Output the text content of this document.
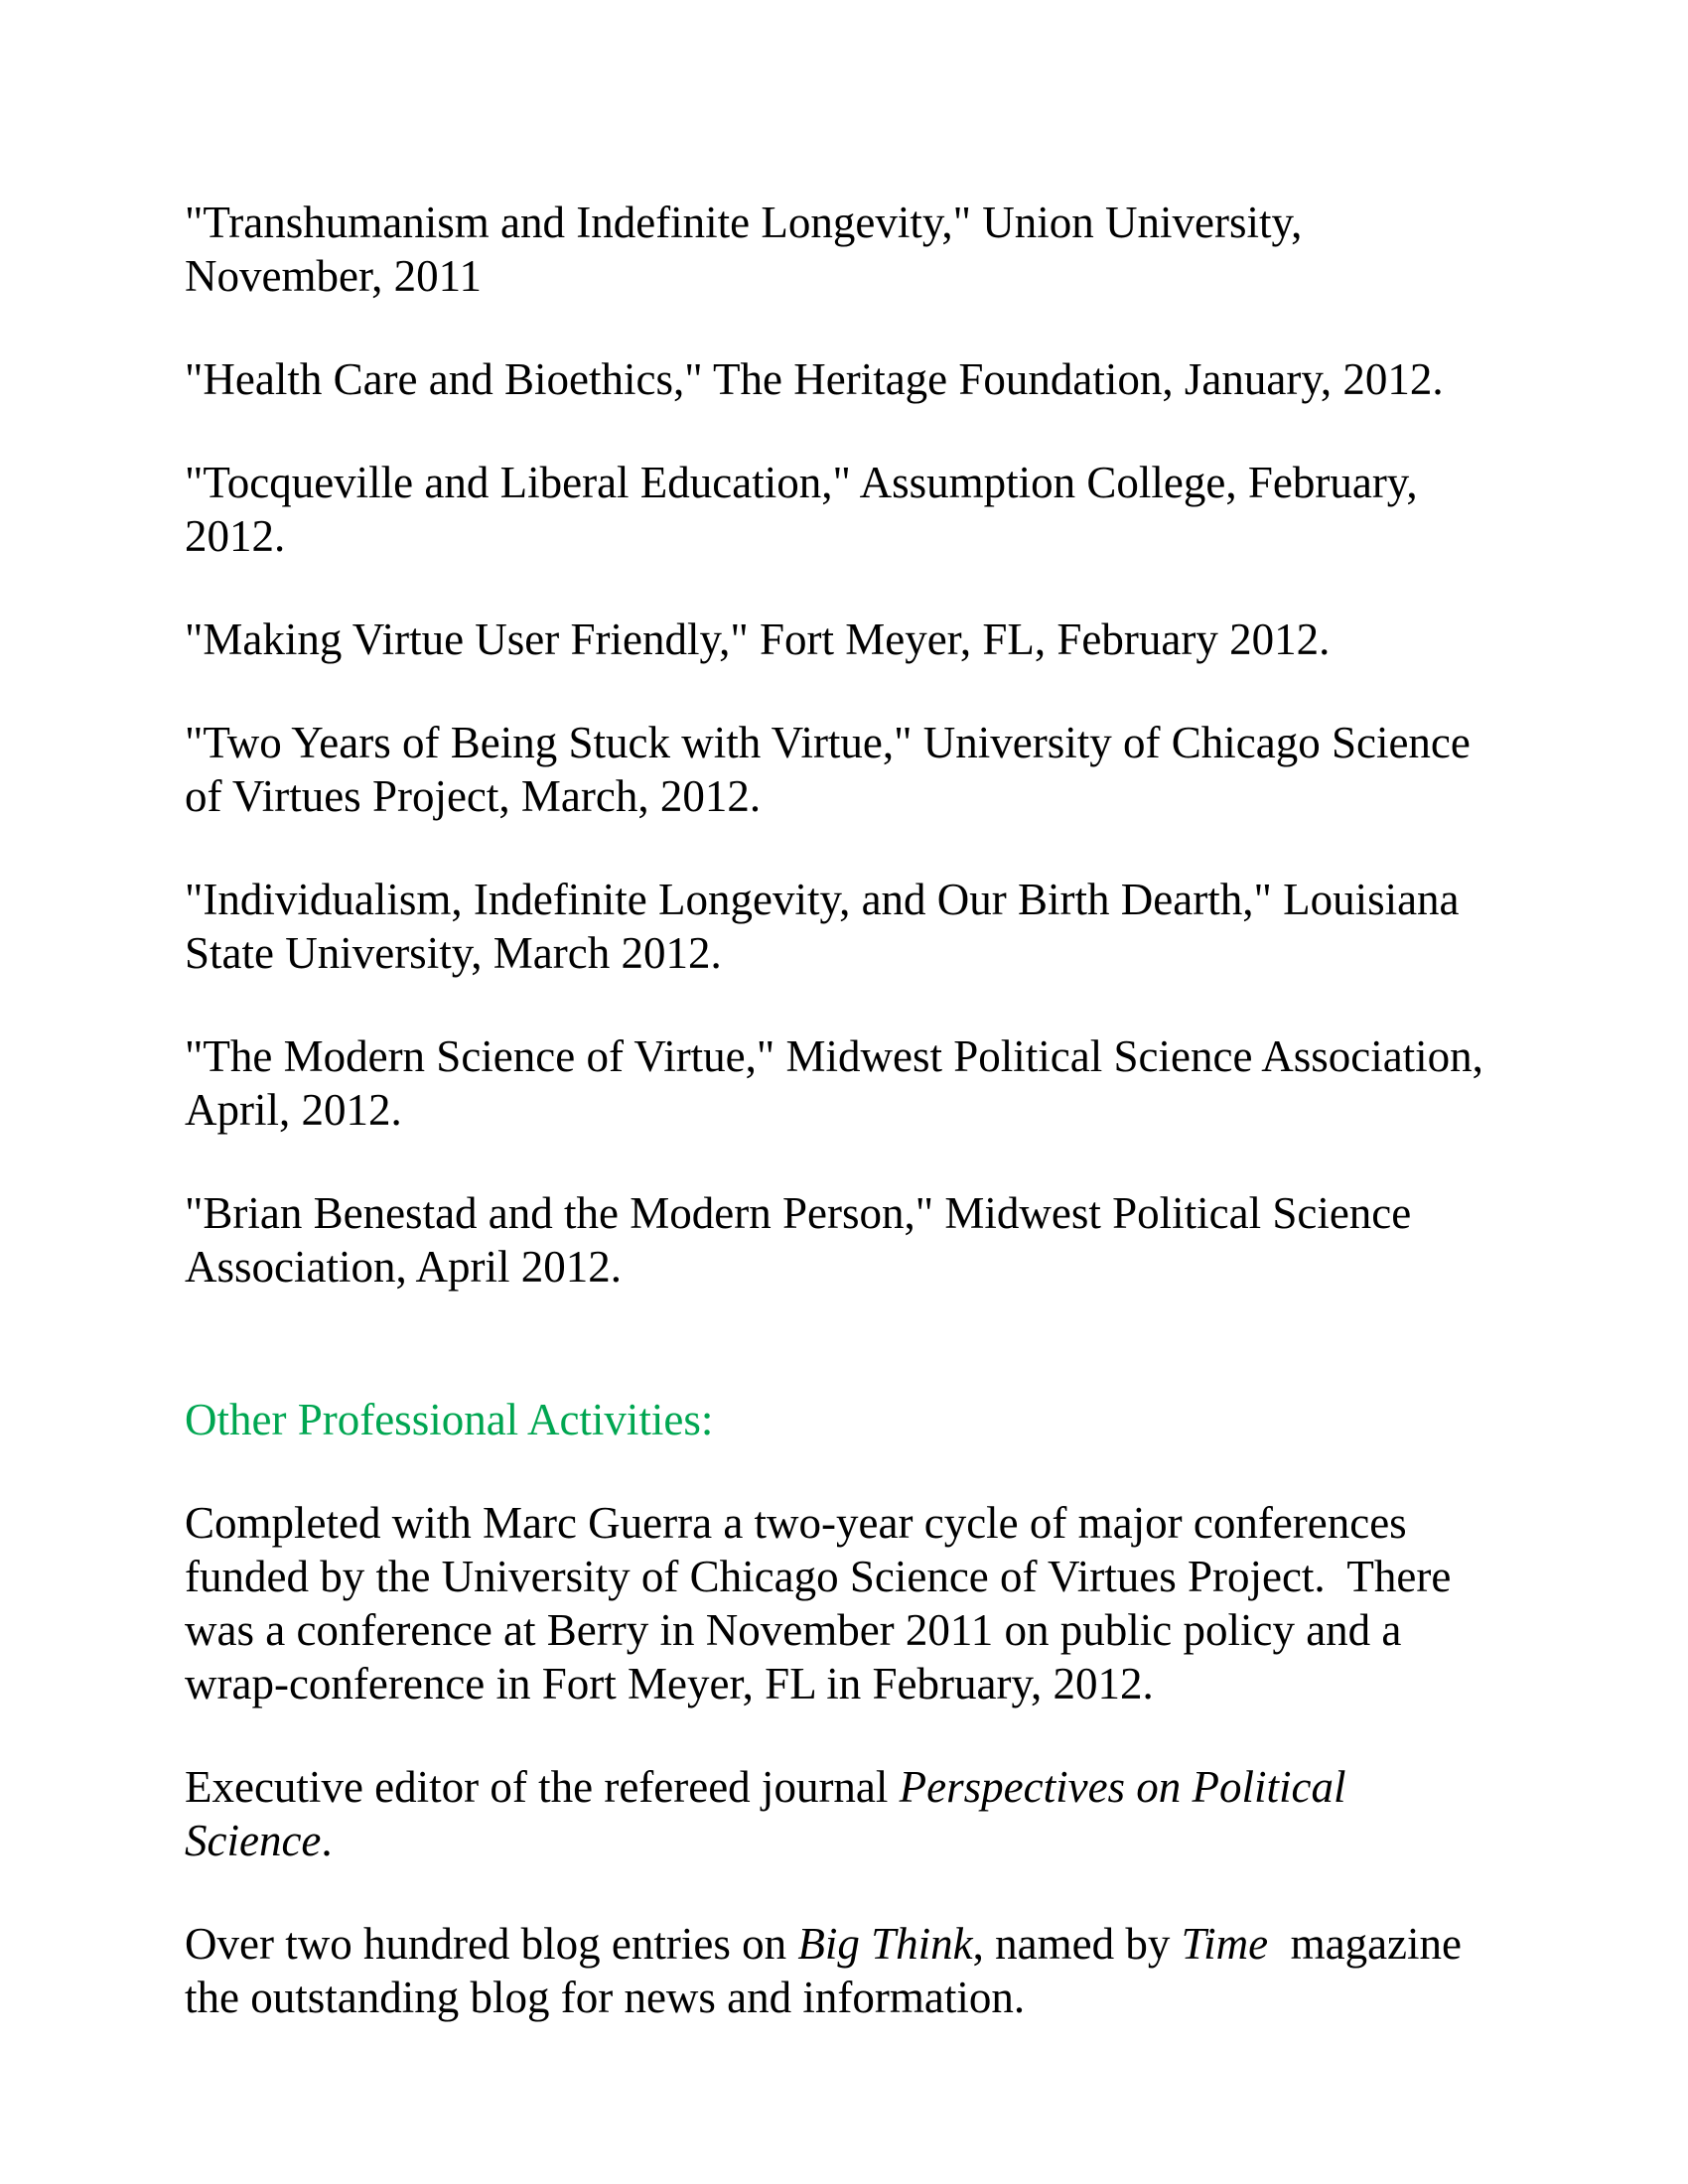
"Transhumanism and Indefinite Longevity," Union University,
November, 2011
"Health Care and Bioethics," The Heritage Foundation, January, 2012.
"Tocqueville and Liberal Education," Assumption College, February,
2012.
"Making Virtue User Friendly," Fort Meyer, FL, February 2012.
"Two Years of Being Stuck with Virtue," University of Chicago Science
of Virtues Project, March, 2012.
"Individualism, Indefinite Longevity, and Our Birth Dearth," Louisiana
State University, March 2012.
"The Modern Science of Virtue," Midwest Political Science Association,
April, 2012.
"Brian Benestad and the Modern Person," Midwest Political Science
Association, April 2012.
Other Professional Activities:
Completed with Marc Guerra a two-year cycle of major conferences
funded by the University of Chicago Science of Virtues Project.  There
was a conference at Berry in November 2011 on public policy and a
wrap-conference in Fort Meyer, FL in February, 2012.
Executive editor of the refereed journal Perspectives on Political
Science.
Over two hundred blog entries on Big Think, named by Time  magazine
the outstanding blog for news and information.
